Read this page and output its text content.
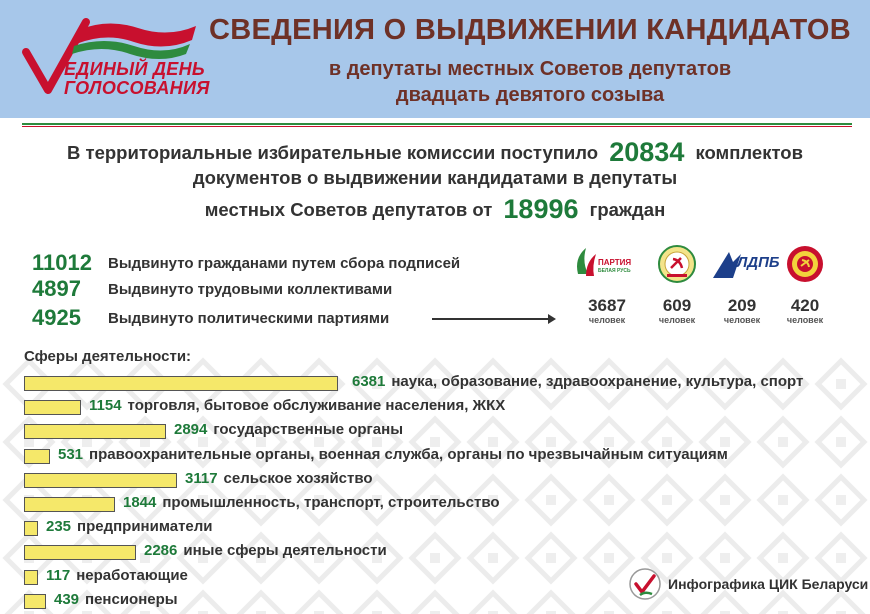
ЕДИНЫЙ ДЕНЬ
ГОЛОСОВАНИЯ
СВЕДЕНИЯ О ВЫДВИЖЕНИИ КАНДИДАТОВ
в депутаты местных Советов депутатов
двадцать девятого созыва
В территориальные избирательные комиссии поступило 20834 комплектов
документов о выдвижении кандидатами в депутаты
местных Советов депутатов от 18996 граждан
11012	Выдвинуто гражданами путем сбора подписей
4897	Выдвинуто трудовыми коллективами
4925	Выдвинуто политическими партиями
ПАРТИЯ
БЕЛАЯ РУСЬ
3687
человек
609
человек
ЛДПБ
209
человек
420
человек
Сферы деятельности:
6381 наука, образование, здравоохранение, культура, спорт
1154 торговля, бытовое обслуживание населения, ЖКХ
2894 государственные органы
531 правоохранительные органы, военная служба, органы по чрезвычайным ситуациям
3117 сельское хозяйство
1844 промышленность, транспорт, строительство
235 предприниматели
2286 иные сферы деятельности
117 неработающие
439 пенсионеры
Инфографика ЦИК Беларуси
